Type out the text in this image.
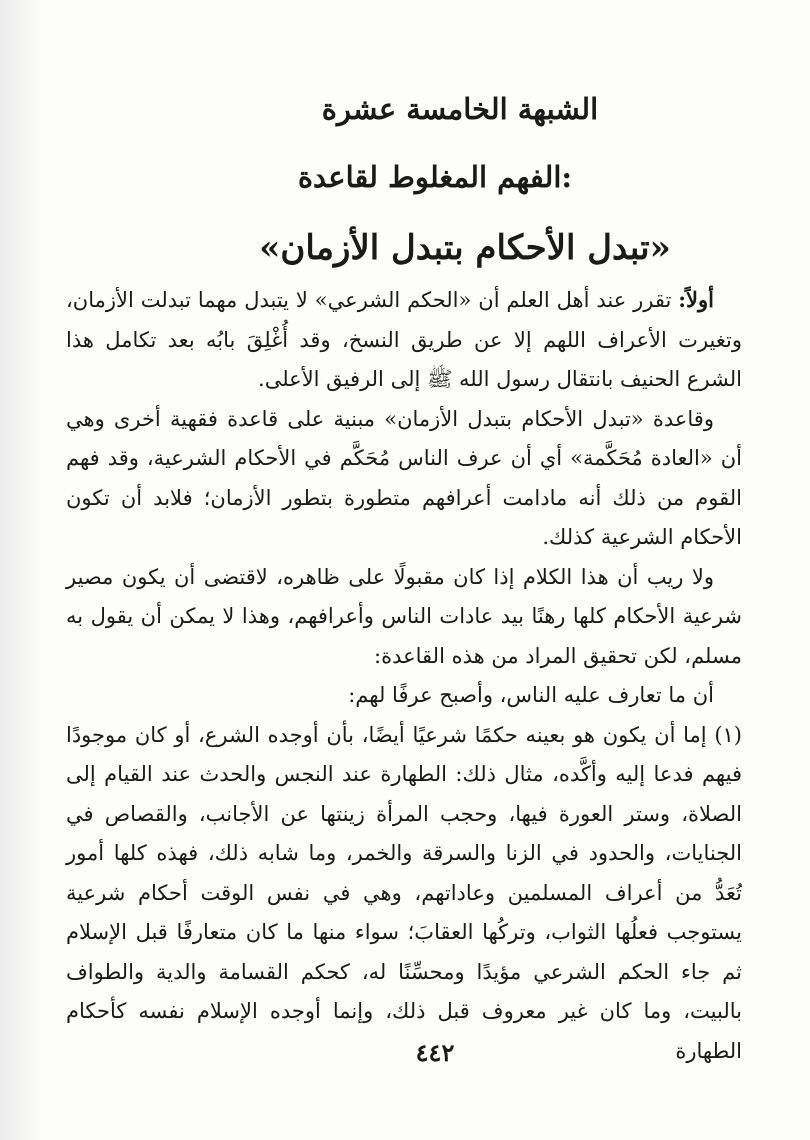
الشبهة الخامسة عشرة
الفهم المغلوط لقاعدة:
«تبدل الأحكام بتبدل الأزمان»

أولاً: تقرر عند أهل العلم أن «الحكم الشرعي» لا يتبدل مهما تبدلت الأزمان، وتغيرت الأعراف اللهم إلا عن طريق النسخ، وقد أُغْلِقَ بابُه بعد تكامل هذا الشرع الحنيف بانتقال رسول الله ﷺ إلى الرفيق الأعلى.

وقاعدة «تبدل الأحكام بتبدل الأزمان» مبنية على قاعدة فقهية أخرى وهي أن «العادة مُحَكَّمة» أي أن عرف الناس مُحَكَّم في الأحكام الشرعية، وقد فهم القوم من ذلك أنه مادامت أعرافهم متطورة بتطور الأزمان؛ فلابد أن تكون الأحكام الشرعية كذلك.

ولا ريب أن هذا الكلام إذا كان مقبولًا على ظاهره، لاقتضى أن يكون مصير شرعية الأحكام كلها رهنًا بيد عادات الناس وأعرافهم، وهذا لا يمكن أن يقول به مسلم، لكن تحقيق المراد من هذه القاعدة:

أن ما تعارف عليه الناس، وأصبح عرفًا لهم:

(١) إما أن يكون هو بعينه حكمًا شرعيًا أيضًا، بأن أوجده الشرع، أو كان موجودًا فيهم فدعا إليه وأكَّده، مثال ذلك: الطهارة عند النجس والحدث عند القيام إلى الصلاة، وستر العورة فيها، وحجب المرأة زينتها عن الأجانب، والقصاص في الجنايات، والحدود في الزنا والسرقة والخمر، وما شابه ذلك، فهذه كلها أمور تُعَدُّ من أعراف المسلمين وعاداتهم، وهي في نفس الوقت أحكام شرعية يستوجب فعلُها الثواب، وتركُها العقابَ؛ سواء منها ما كان متعارفًا قبل الإسلام ثم جاء الحكم الشرعي مؤيدًا ومحسِّنًا له، كحكم القسامة والدية والطواف بالبيت، وما كان غير معروف قبل ذلك، وإنما أوجده الإسلام نفسه كأحكام الطهارة

٤٤٢
